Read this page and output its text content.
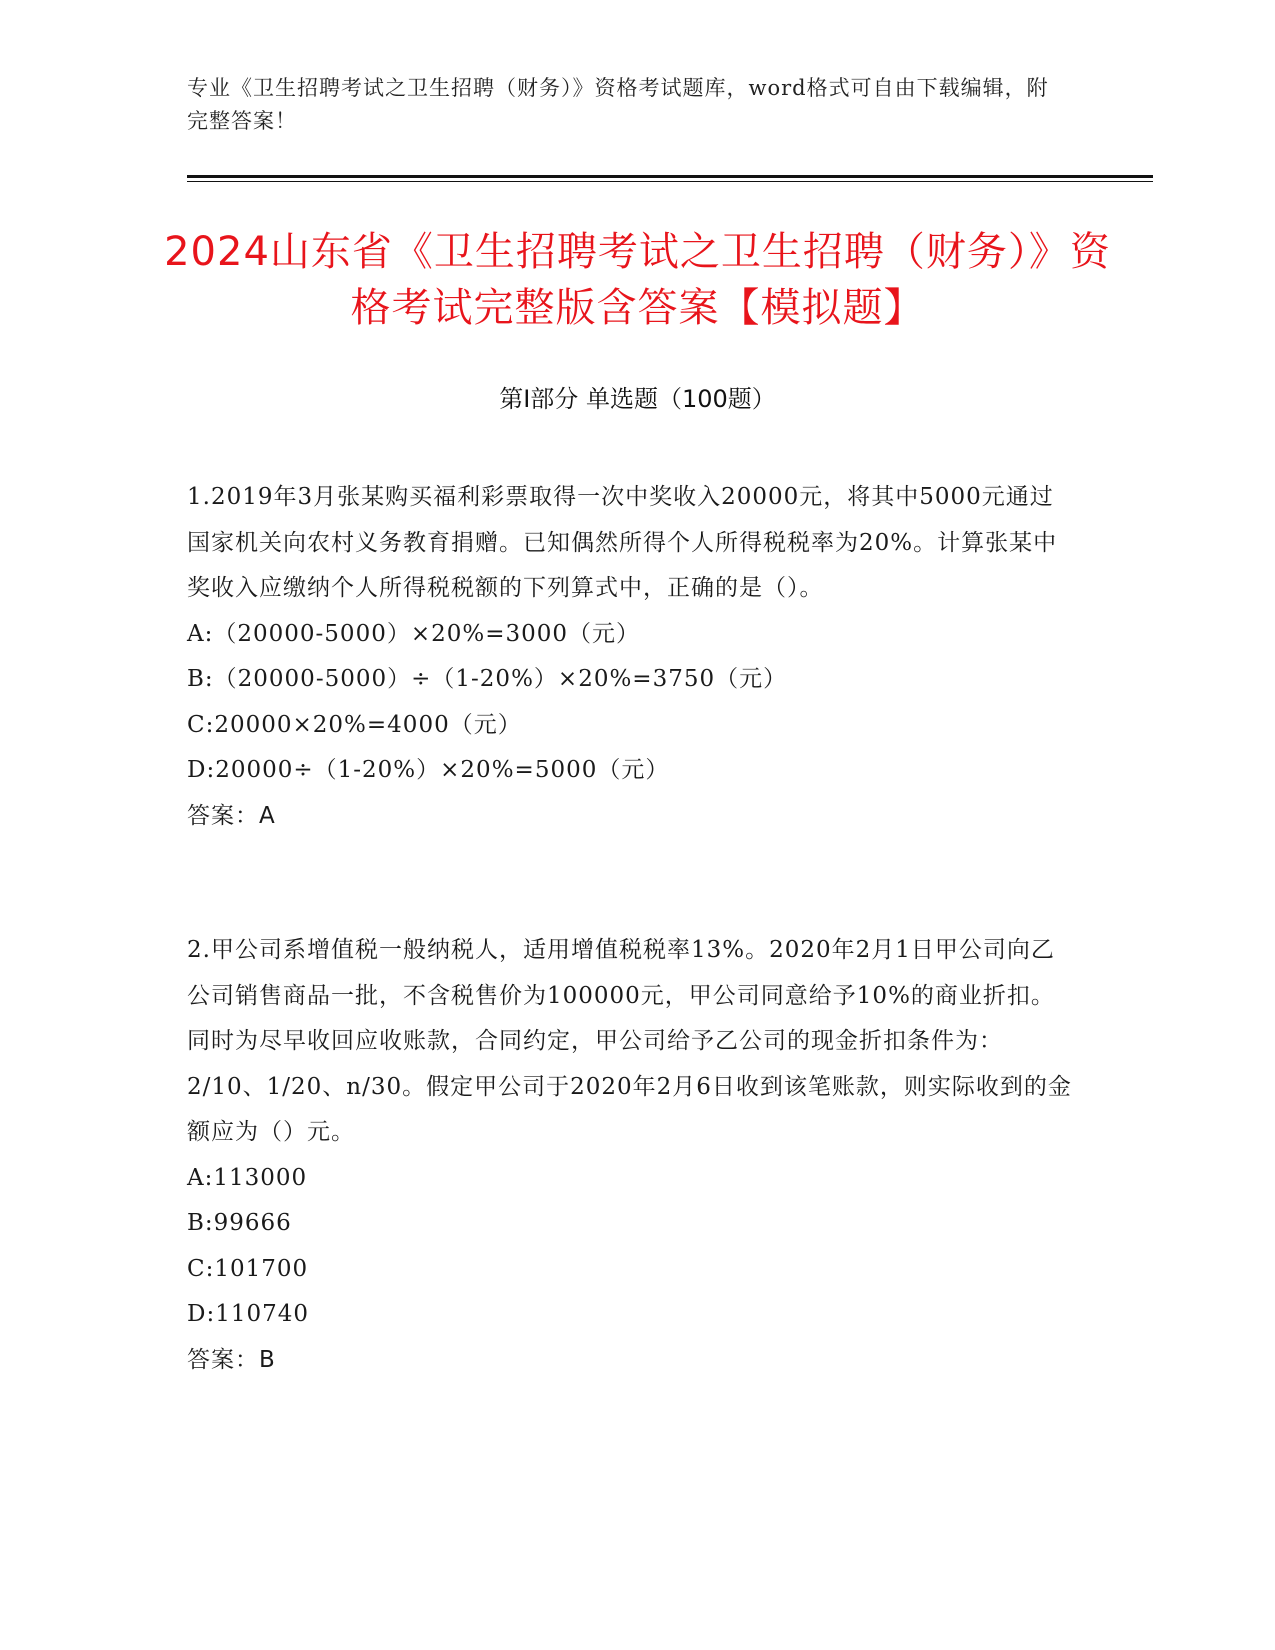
专业《卫生招聘考试之卫生招聘（财务）》资格考试题库，word格式可自由下载编辑，附完整答案！
2024山东省《卫生招聘考试之卫生招聘（财务）》资格考试完整版含答案【模拟题】
第Ⅰ部分 单选题（100题）

1.2019年3月张某购买福利彩票取得一次中奖收入20000元，将其中5000元通过国家机关向农村义务教育捐赠。已知偶然所得个人所得税税率为20%。计算张某中奖收入应缴纳个人所得税税额的下列算式中，正确的是（）。

A:（20000-5000）×20%=3000（元）

B:（20000-5000）÷（1-20%）×20%=3750（元）

C:20000×20%=4000（元）

D:20000÷（1-20%）×20%=5000（元）

答案：A

2.甲公司系增值税一般纳税人，适用增值税税率13%。2020年2月1日甲公司向乙公司销售商品一批，不含税售价为100000元，甲公司同意给予10%的商业折扣。同时为尽早收回应收账款，合同约定，甲公司给予乙公司的现金折扣条件为：2/10、1/20、n/30。假定甲公司于2020年2月6日收到该笔账款，则实际收到的金额应为（）元。

A:113000

B:99666

C:101700

D:110740

答案：B
